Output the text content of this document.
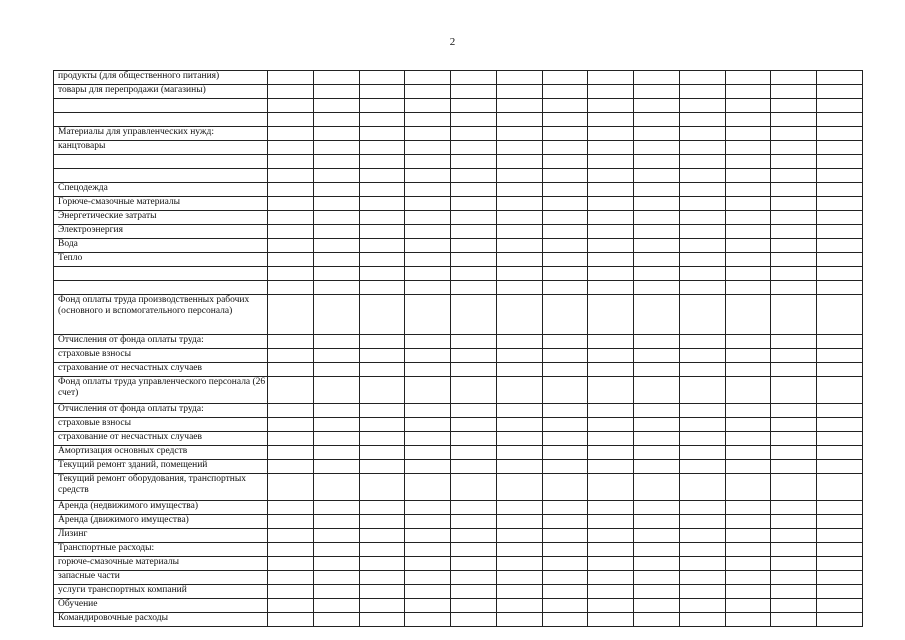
2
продукты (для общественного питания)													
товары для перепродажи (магазины)													

Материалы для управленческих нужд:													
канцтовары													

Спецодежда													
Горюче-смазочные материалы													
Энергетические затраты													
Электроэнергия													
Вода													
Тепло													

Фонд оплаты труда производственных рабочих (основного и вспомогательного персонала)													
Отчисления от фонда оплаты труда:													
страховые взносы													
страхование от несчастных случаев													
Фонд оплаты труда управленческого персонала (26 счет)													
Отчисления от фонда оплаты труда:													
страховые взносы													
страхование от несчастных случаев													
Амортизация основных средств													
Текущий ремонт зданий, помещений													
Текущий ремонт оборудования, транспортных средств													
Аренда (недвижимого имущества)													
Аренда (движимого имущества)													
Лизинг													
Транспортные расходы:													
горюче-смазочные материалы													
запасные части													
услуги транспортных компаний													
Обучение													
Командировочные расходы													
